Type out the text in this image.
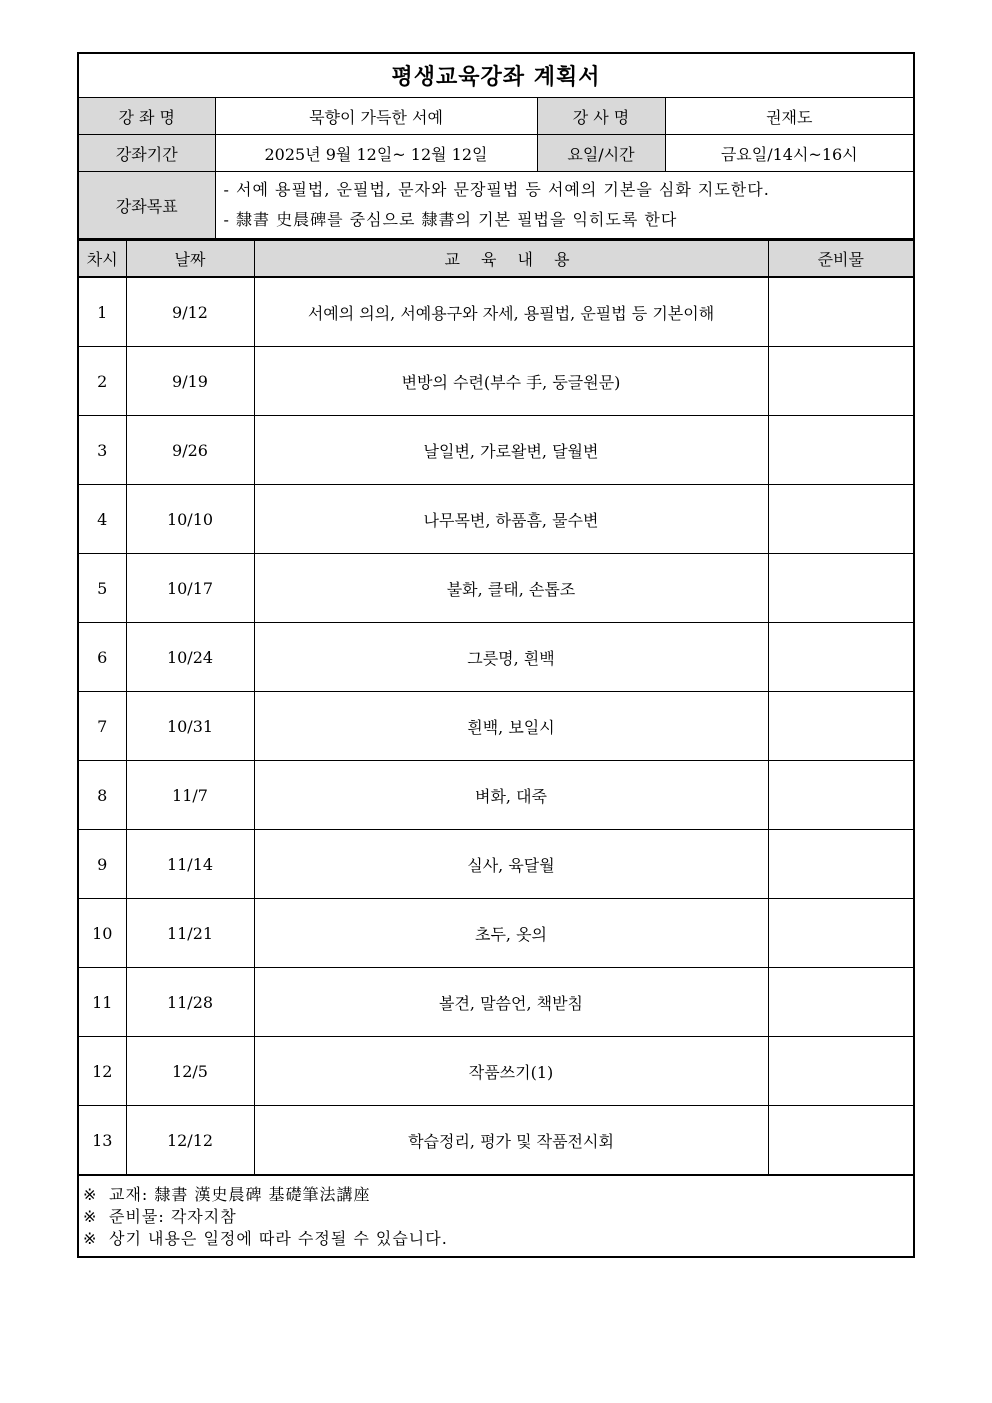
평생교육강좌 계획서
강 좌 명	묵향이 가득한 서예	강 사 명	권재도
강좌기간	2025년 9월 12일~ 12월 12일	요일/시간	금요일/14시~16시
강좌목표	- 서예 용필법, 운필법, 문자와 문장필법 등 서예의 기본을 심화 지도한다.
- 隸書 史晨碑를 중심으로 隸書의 기본 필법을 익히도록 한다		
차시	날짜	교 육 내 용	준비물
1	9/12	서예의 의의, 서예용구와 자세, 용필법, 운필법 등 기본이해	
2	9/19	변방의 수련(부수 手, 둥글원문)	
3	9/26	날일변, 가로왈변, 달월변	
4	10/10	나무목변, 하품흠, 물수변	
5	10/17	불화, 클태, 손톱조	
6	10/24	그릇명, 흰백	
7	10/31	흰백, 보일시	
8	11/7	벼화, 대죽	
9	11/14	실사, 육달월	
10	11/21	초두, 옷의	
11	11/28	볼견, 말씀언, 책받침	
12	12/5	작품쓰기(1)	
13	12/12	학습정리, 평가 및 작품전시회	
※ 교재: 隸書 漢史晨碑 基礎筆法講座
※ 준비물: 각자지참
※ 상기 내용은 일정에 따라 수정될 수 있습니다.
